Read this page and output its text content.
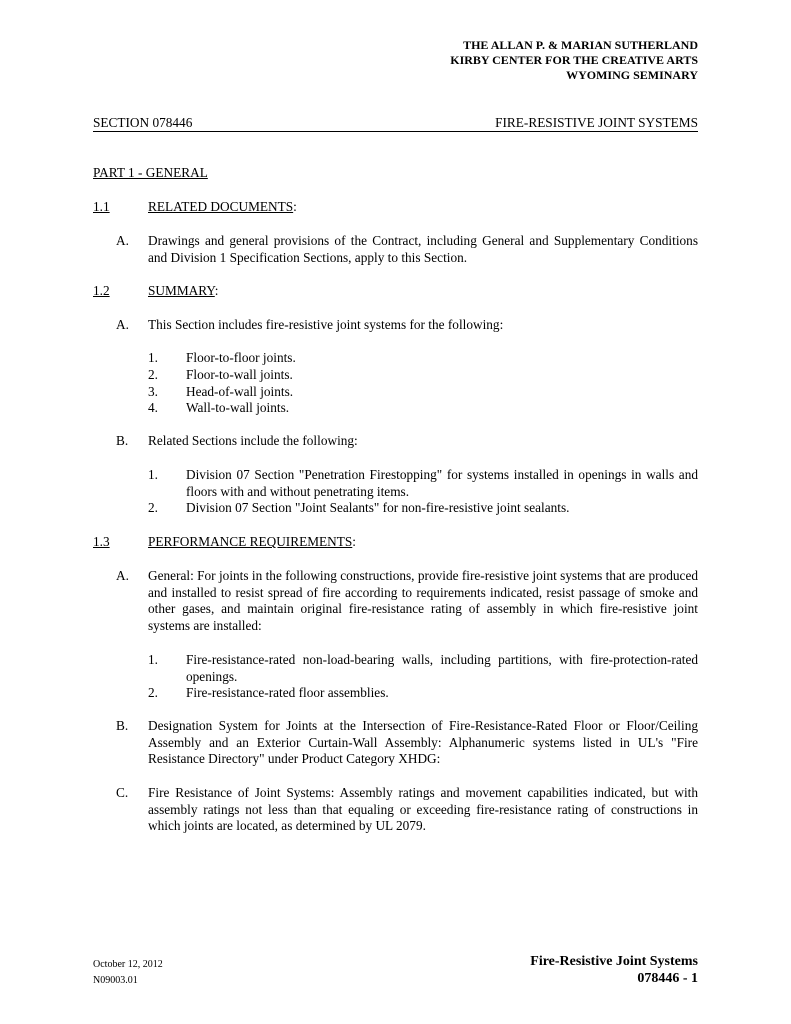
THE ALLAN P. & MARIAN SUTHERLAND
KIRBY CENTER FOR THE CREATIVE ARTS
WYOMING SEMINARY
SECTION 078446	FIRE-RESISTIVE JOINT SYSTEMS
PART 1 - GENERAL
1.1	RELATED DOCUMENTS:
A. Drawings and general provisions of the Contract, including General and Supplementary Conditions and Division 1 Specification Sections, apply to this Section.
1.2	SUMMARY:
A. This Section includes fire-resistive joint systems for the following:
1. Floor-to-floor joints.
2. Floor-to-wall joints.
3. Head-of-wall joints.
4. Wall-to-wall joints.
B. Related Sections include the following:
1. Division 07 Section "Penetration Firestopping" for systems installed in openings in walls and floors with and without penetrating items.
2. Division 07 Section "Joint Sealants" for non-fire-resistive joint sealants.
1.3	PERFORMANCE REQUIREMENTS:
A. General: For joints in the following constructions, provide fire-resistive joint systems that are produced and installed to resist spread of fire according to requirements indicated, resist passage of smoke and other gases, and maintain original fire-resistance rating of assembly in which fire-resistive joint systems are installed:
1. Fire-resistance-rated non-load-bearing walls, including partitions, with fire-protection-rated openings.
2. Fire-resistance-rated floor assemblies.
B. Designation System for Joints at the Intersection of Fire-Resistance-Rated Floor or Floor/Ceiling Assembly and an Exterior Curtain-Wall Assembly: Alphanumeric systems listed in UL's "Fire Resistance Directory" under Product Category XHDG:
C. Fire Resistance of Joint Systems: Assembly ratings and movement capabilities indicated, but with assembly ratings not less than that equaling or exceeding fire-resistance rating of constructions in which joints are located, as determined by UL 2079.
October 12, 2012
N09003.01
Fire-Resistive Joint Systems
078446 - 1
